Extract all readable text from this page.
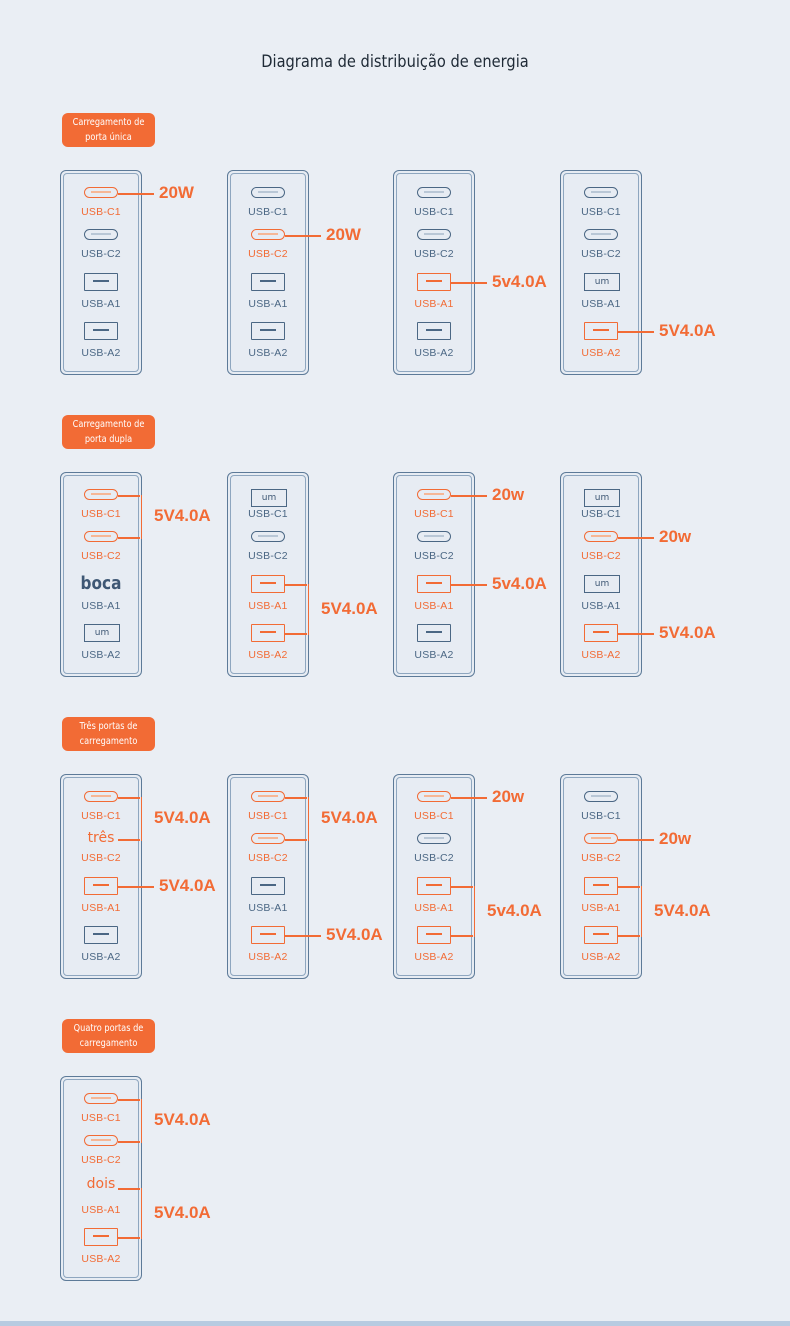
Diagrama de distribuição de energia
Carregamento de
porta única
USB-C1
USB-C2
USB-A1
USB-A2
20W
USB-C1
USB-C2
USB-A1
USB-A2
20W
USB-C1
USB-C2
USB-A1
USB-A2
5v4.0A
USB-C1
USB-C2
um
USB-A1
USB-A2
5V4.0A
Carregamento de
porta dupla
USB-C1
USB-C2
boca
USB-A1
um
USB-A2
5V4.0A
um
USB-C1
USB-C2
USB-A1
USB-A2
5V4.0A
USB-C1
USB-C2
USB-A1
USB-A2
20w
5v4.0A
um
USB-C1
USB-C2
um
USB-A1
USB-A2
20w
5V4.0A
Três portas de
carregamento
USB-C1
três
USB-C2
USB-A1
USB-A2
5V4.0A
5V4.0A
USB-C1
USB-C2
USB-A1
USB-A2
5V4.0A
5V4.0A
USB-C1
USB-C2
USB-A1
USB-A2
20w
5v4.0A
USB-C1
USB-C2
USB-A1
USB-A2
20w
5V4.0A
Quatro portas de
carregamento
USB-C1
USB-C2
dois
USB-A1
USB-A2
5V4.0A
5V4.0A
